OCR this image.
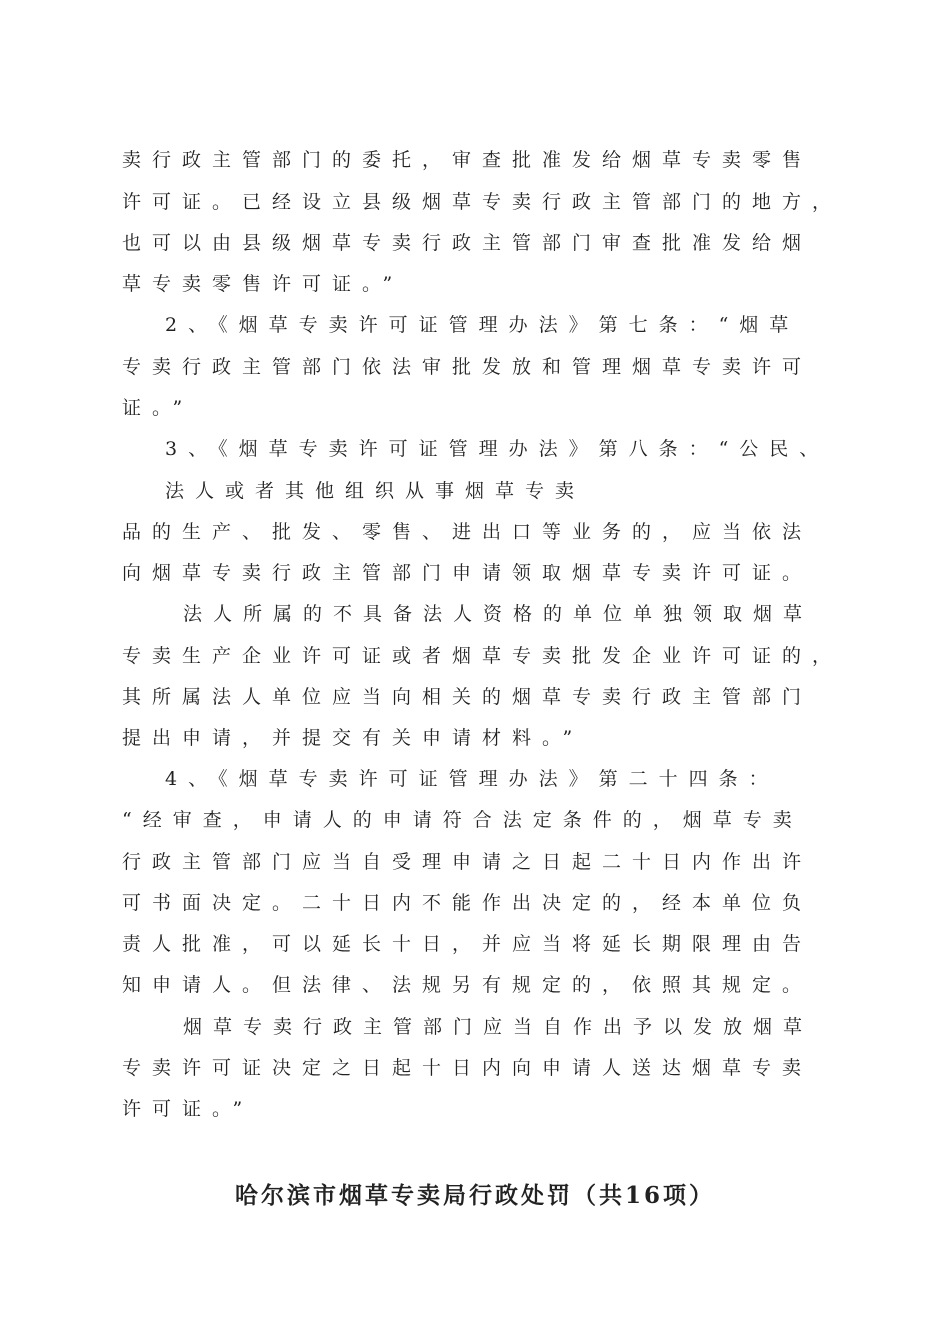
卖行政主管部门的委托，审查批准发给烟草专卖零售

许可证。已经设立县级烟草专卖行政主管部门的地方，

也可以由县级烟草专卖行政主管部门审查批准发给烟

草专卖零售许可证。”

2、《烟草专卖许可证管理办法》第七条：“烟草

专卖行政主管部门依法审批发放和管理烟草专卖许可

证。”

3、《烟草专卖许可证管理办法》第八条：“公民、

法人或者其他组织从事烟草专卖

品的生产、批发、零售、进出口等业务的，应当依法

向烟草专卖行政主管部门申请领取烟草专卖许可证。

法人所属的不具备法人资格的单位单独领取烟草

专卖生产企业许可证或者烟草专卖批发企业许可证的，

其所属法人单位应当向相关的烟草专卖行政主管部门

提出申请，并提交有关申请材料。”

4、《烟草专卖许可证管理办法》第二十四条：

“经审查，申请人的申请符合法定条件的，烟草专卖

行政主管部门应当自受理申请之日起二十日内作出许

可书面决定。二十日内不能作出决定的，经本单位负

责人批准，可以延长十日，并应当将延长期限理由告

知申请人。但法律、法规另有规定的，依照其规定。

烟草专卖行政主管部门应当自作出予以发放烟草

专卖许可证决定之日起十日内向申请人送达烟草专卖

许可证。”

哈尔滨市烟草专卖局行政处罚（共16项）
